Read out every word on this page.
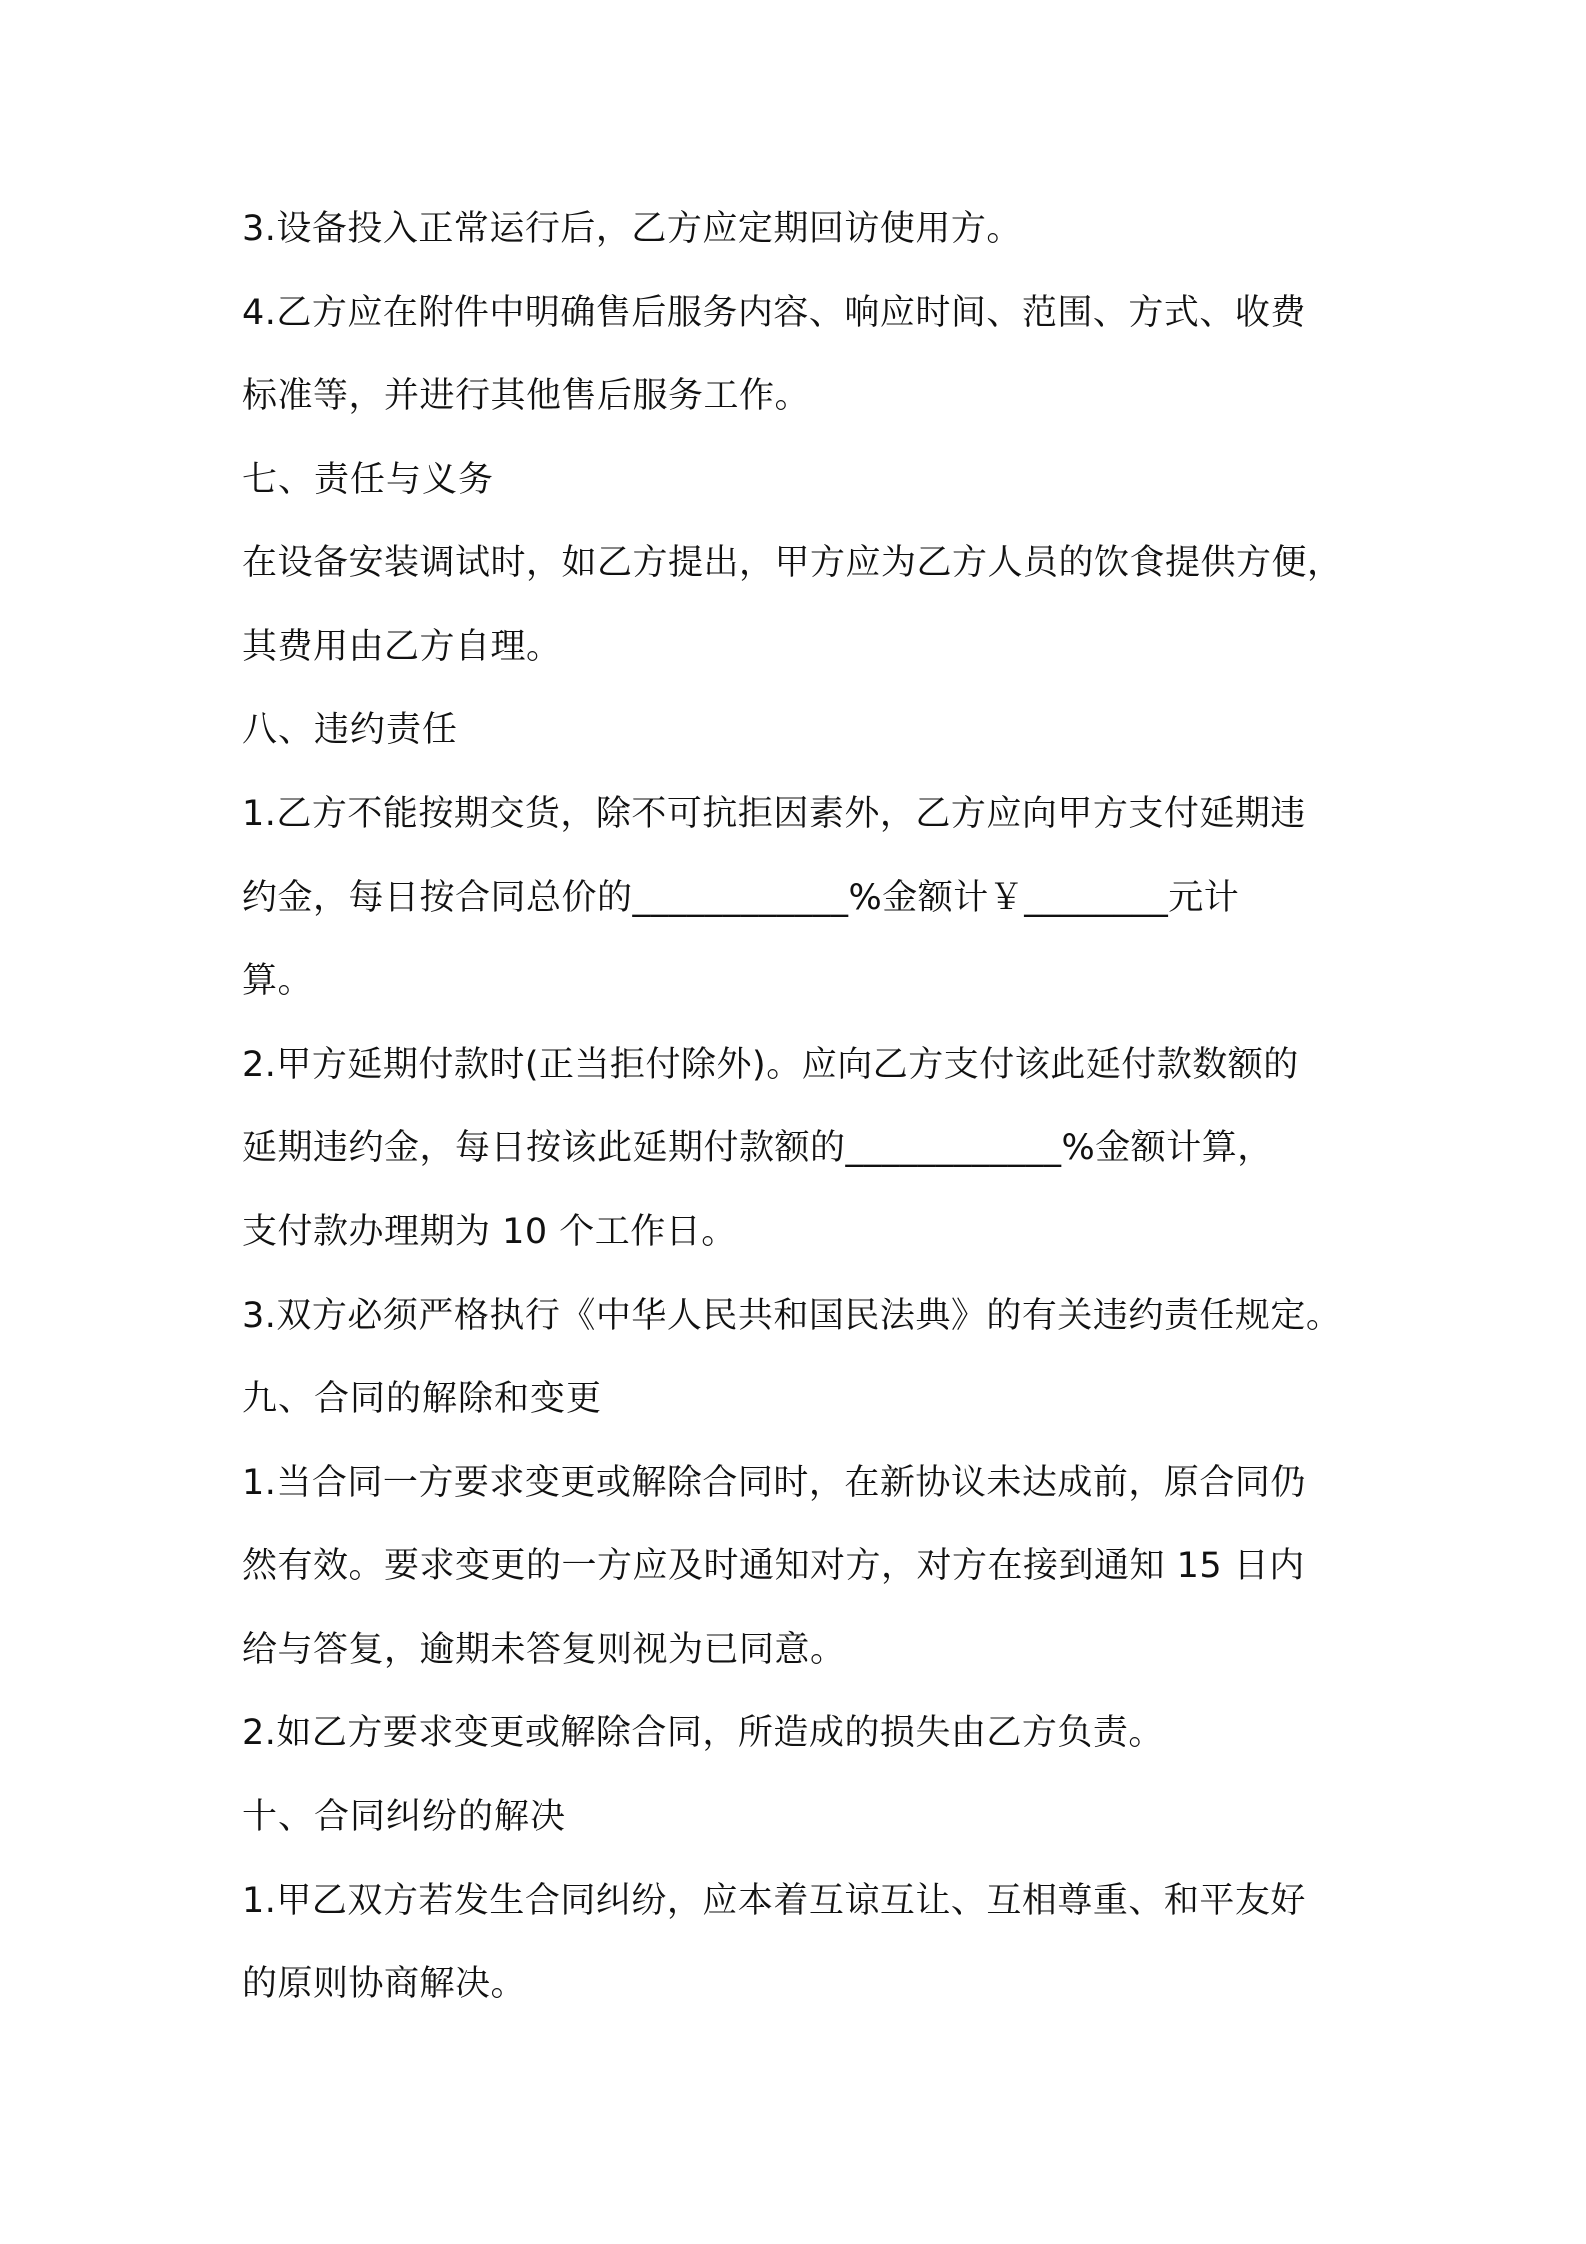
3.设备投入正常运行后，乙方应定期回访使用方。
4.乙方应在附件中明确售后服务内容、响应时间、范围、方式、收费
标准等，并进行其他售后服务工作。
七、责任与义务
在设备安装调试时，如乙方提出，甲方应为乙方人员的饮食提供方便，
其费用由乙方自理。
八、违约责任
1.乙方不能按期交货，除不可抗拒因素外，乙方应向甲方支付延期违
约金，每日按合同总价的____________%金额计￥________元计
算。
2.甲方延期付款时(正当拒付除外)。应向乙方支付该此延付款数额的
延期违约金，每日按该此延期付款额的____________%金额计算，
支付款办理期为 10 个工作日。
3.双方必须严格执行《中华人民共和国民法典》的有关违约责任规定。
九、合同的解除和变更
1.当合同一方要求变更或解除合同时，在新协议未达成前，原合同仍
然有效。要求变更的一方应及时通知对方，对方在接到通知 15 日内
给与答复，逾期未答复则视为已同意。
2.如乙方要求变更或解除合同，所造成的损失由乙方负责。
十、合同纠纷的解决
1.甲乙双方若发生合同纠纷，应本着互谅互让、互相尊重、和平友好
的原则协商解决。
